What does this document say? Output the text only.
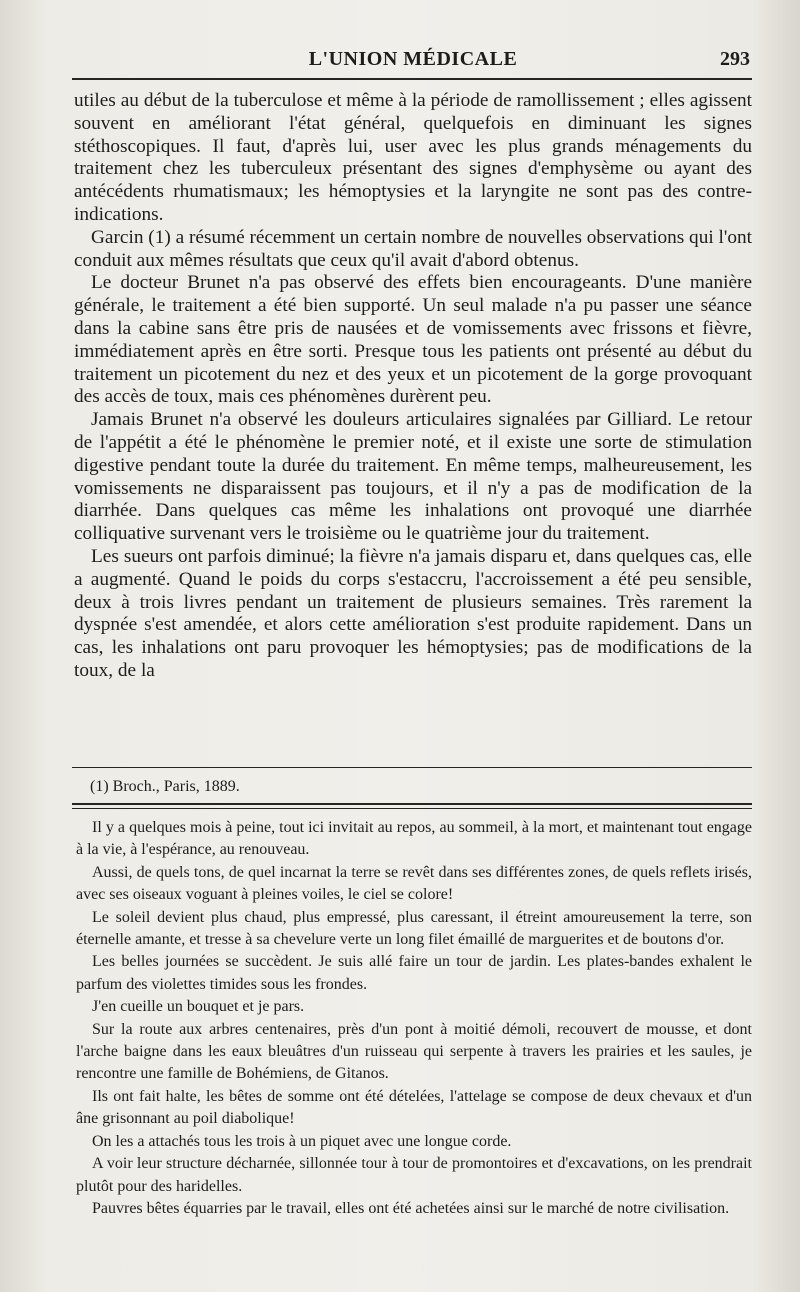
L'UNION MÉDICALE	293

utiles au début de la tuberculose et même à la période de ramollissement ; elles agissent souvent en améliorant l'état général, quelquefois en diminuant les signes stéthoscopiques. Il faut, d'après lui, user avec les plus grands ménagements du traitement chez les tuberculeux présentant des signes d'emphysème ou ayant des antécédents rhumatismaux; les hémoptysies et la laryngite ne sont pas des contre-indications.

Garcin (1) a résumé récemment un certain nombre de nouvelles observations qui l'ont conduit aux mêmes résultats que ceux qu'il avait d'abord obtenus.

Le docteur Brunet n'a pas observé des effets bien encourageants. D'une manière générale, le traitement a été bien supporté. Un seul malade n'a pu passer une séance dans la cabine sans être pris de nausées et de vomissements avec frissons et fièvre, immédiatement après en être sorti. Presque tous les patients ont présenté au début du traitement un picotement du nez et des yeux et un picotement de la gorge provoquant des accès de toux, mais ces phénomènes durèrent peu.

Jamais Brunet n'a observé les douleurs articulaires signalées par Gilliard. Le retour de l'appétit a été le phénomène le premier noté, et il existe une sorte de stimulation digestive pendant toute la durée du traitement. En même temps, malheureusement, les vomissements ne disparaissent pas toujours, et il n'y a pas de modification de la diarrhée. Dans quelques cas même les inhalations ont provoqué une diarrhée colliquative survenant vers le troisième ou le quatrième jour du traitement.

Les sueurs ont parfois diminué; la fièvre n'a jamais disparu et, dans quelques cas, elle a augmenté. Quand le poids du corps s'estaccru, l'accroissement a été peu sensible, deux à trois livres pendant un traitement de plusieurs semaines. Très rarement la dyspnée s'est amendée, et alors cette amélioration s'est produite rapidement. Dans un cas, les inhalations ont paru provoquer les hémoptysies; pas de modifications de la toux, de la

(1) Broch., Paris, 1889.

Il y a quelques mois à peine, tout ici invitait au repos, au sommeil, à la mort, et maintenant tout engage à la vie, à l'espérance, au renouveau.

Aussi, de quels tons, de quel incarnat la terre se revêt dans ses différentes zones, de quels reflets irisés, avec ses oiseaux voguant à pleines voiles, le ciel se colore!

Le soleil devient plus chaud, plus empressé, plus caressant, il étreint amoureusement la terre, son éternelle amante, et tresse à sa chevelure verte un long filet émaillé de marguerites et de boutons d'or.

Les belles journées se succèdent. Je suis allé faire un tour de jardin. Les plates-bandes exhalent le parfum des violettes timides sous les frondes.

J'en cueille un bouquet et je pars.

Sur la route aux arbres centenaires, près d'un pont à moitié démoli, recouvert de mousse, et dont l'arche baigne dans les eaux bleuâtres d'un ruisseau qui serpente à travers les prairies et les saules, je rencontre une famille de Bohémiens, de Gitanos.

Ils ont fait halte, les bêtes de somme ont été dételées, l'attelage se compose de deux chevaux et d'un âne grisonnant au poil diabolique!

On les a attachés tous les trois à un piquet avec une longue corde.

A voir leur structure décharnée, sillonnée tour à tour de promontoires et d'excavations, on les prendrait plutôt pour des haridelles.

Pauvres bêtes équarries par le travail, elles ont été achetées ainsi sur le marché de notre civilisation.
